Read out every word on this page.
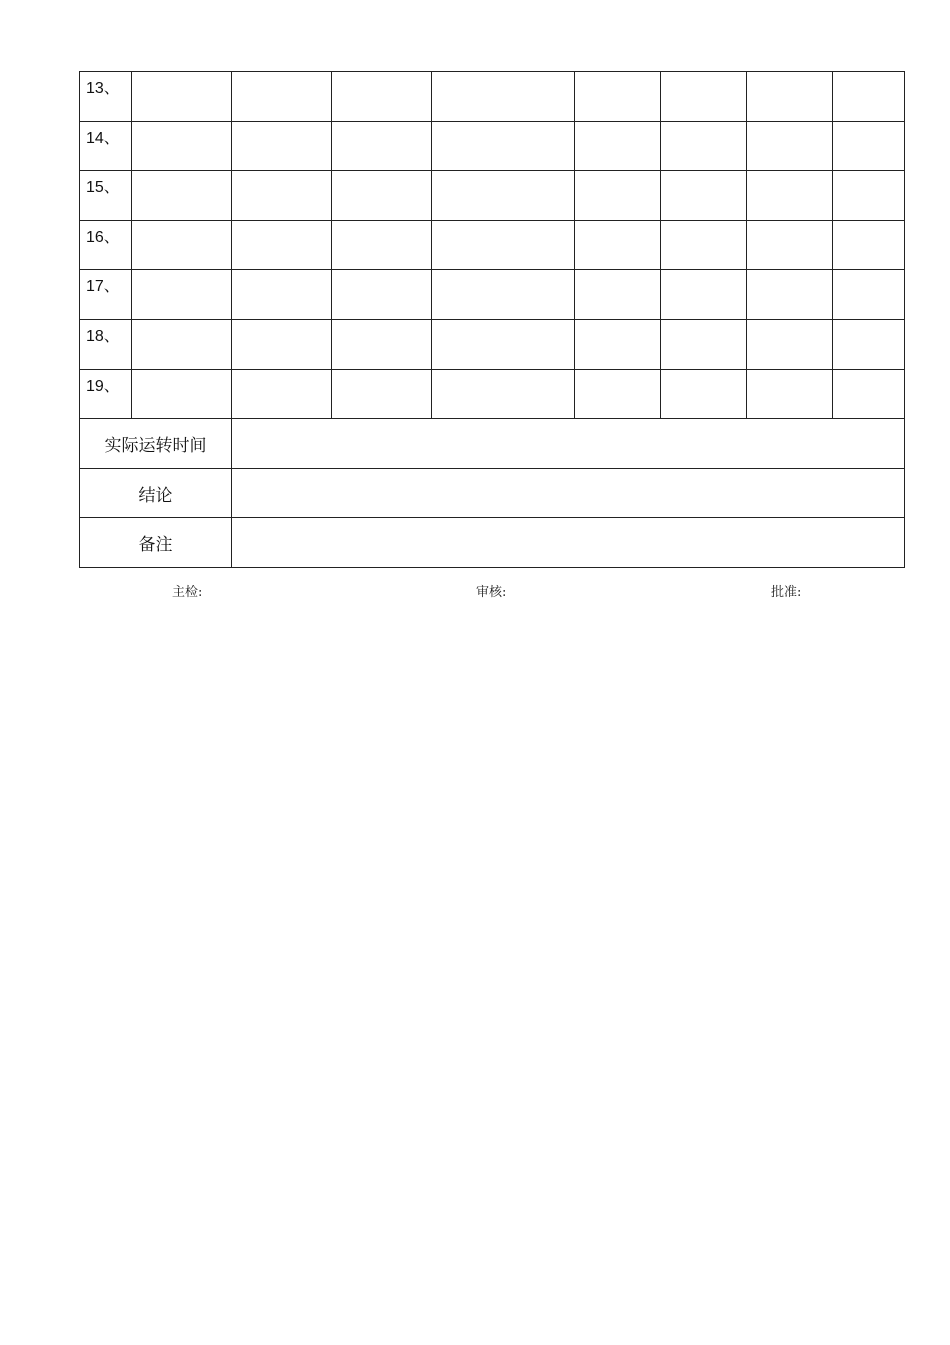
13、								
14、								
15、								
16、								
17、								
18、								
19、								
实际运转时间								
结论								
备注								
主检:	审核:	批准:
